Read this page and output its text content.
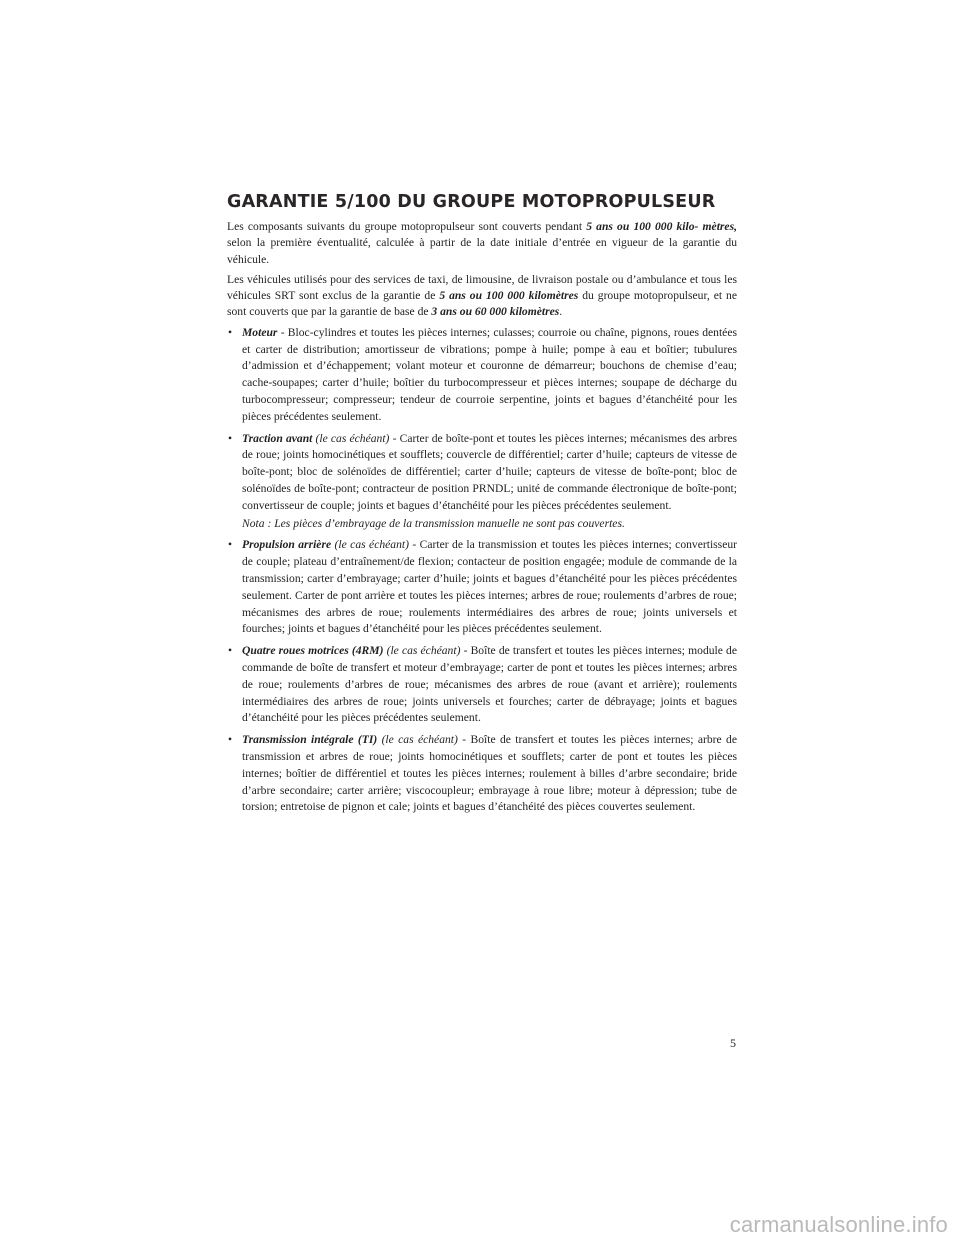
GARANTIE 5/100 DU GROUPE MOTOPROPULSEUR

Les composants suivants du groupe motopropulseur sont couverts pendant 5 ans ou 100 000 kilo- mètres, selon la première éventualité, calculée à partir de la date initiale d’entrée en vigueur de la garantie du véhicule.

Les véhicules utilisés pour des services de taxi, de limousine, de livraison postale ou d’ambulance et tous les véhicules SRT sont exclus de la garantie de 5 ans ou 100 000 kilomètres du groupe motopropulseur, et ne sont couverts que par la garantie de base de 3 ans ou 60 000 kilomètres.

• Moteur - Bloc-cylindres et toutes les pièces internes; culasses; courroie ou chaîne, pignons, roues dentées et carter de distribution; amortisseur de vibrations; pompe à huile; pompe à eau et boîtier; tubulures d’admission et d’échappement; volant moteur et couronne de démarreur; bouchons de chemise d’eau; cache-soupapes; carter d’huile; boîtier du turbocompresseur et pièces internes; soupape de décharge du turbocompresseur; compresseur; tendeur de courroie serpentine, joints et bagues d’étanchéité pour les pièces précédentes seulement.
• Traction avant (le cas échéant) - Carter de boîte-pont et toutes les pièces internes; mécanismes des arbres de roue; joints homocinétiques et soufflets; couvercle de différentiel; carter d’huile; capteurs de vitesse de boîte-pont; bloc de solénoïdes de différentiel; carter d’huile; capteurs de vitesse de boîte-pont; bloc de solénoïdes de boîte-pont; contracteur de position PRNDL; unité de commande électronique de boîte-pont; convertisseur de couple; joints et bagues d’étanchéité pour les pièces précédentes seulement.
Nota : Les pièces d’embrayage de la transmission manuelle ne sont pas couvertes.
• Propulsion arrière (le cas échéant) - Carter de la transmission et toutes les pièces internes; convertisseur de couple; plateau d’entraînement/de flexion; contacteur de position engagée; module de commande de la transmission; carter d’embrayage; carter d’huile; joints et bagues d’étanchéité pour les pièces précédentes seulement. Carter de pont arrière et toutes les pièces internes; arbres de roue; roulements d’arbres de roue; mécanismes des arbres de roue; roulements intermédiaires des arbres de roue; joints universels et fourches; joints et bagues d’étanchéité pour les pièces précédentes seulement.
• Quatre roues motrices (4RM) (le cas échéant) - Boîte de transfert et toutes les pièces internes; module de commande de boîte de transfert et moteur d’embrayage; carter de pont et toutes les pièces internes; arbres de roue; roulements d’arbres de roue; mécanismes des arbres de roue (avant et arrière); roulements intermédiaires des arbres de roue; joints universels et fourches; carter de débrayage; joints et bagues d’étanchéité pour les pièces précédentes seulement.
• Transmission intégrale (TI) (le cas échéant) - Boîte de transfert et toutes les pièces internes; arbre de transmission et arbres de roue; joints homocinétiques et soufflets; carter de pont et toutes les pièces internes; boîtier de différentiel et toutes les pièces internes; roulement à billes d’arbre secondaire; bride d’arbre secondaire; carter arrière; viscocoupleur; embrayage à roue libre; moteur à dépression; tube de torsion; entretoise de pignon et cale; joints et bagues d’étanchéité des pièces couvertes seulement.
5
carmanualsonline.info
